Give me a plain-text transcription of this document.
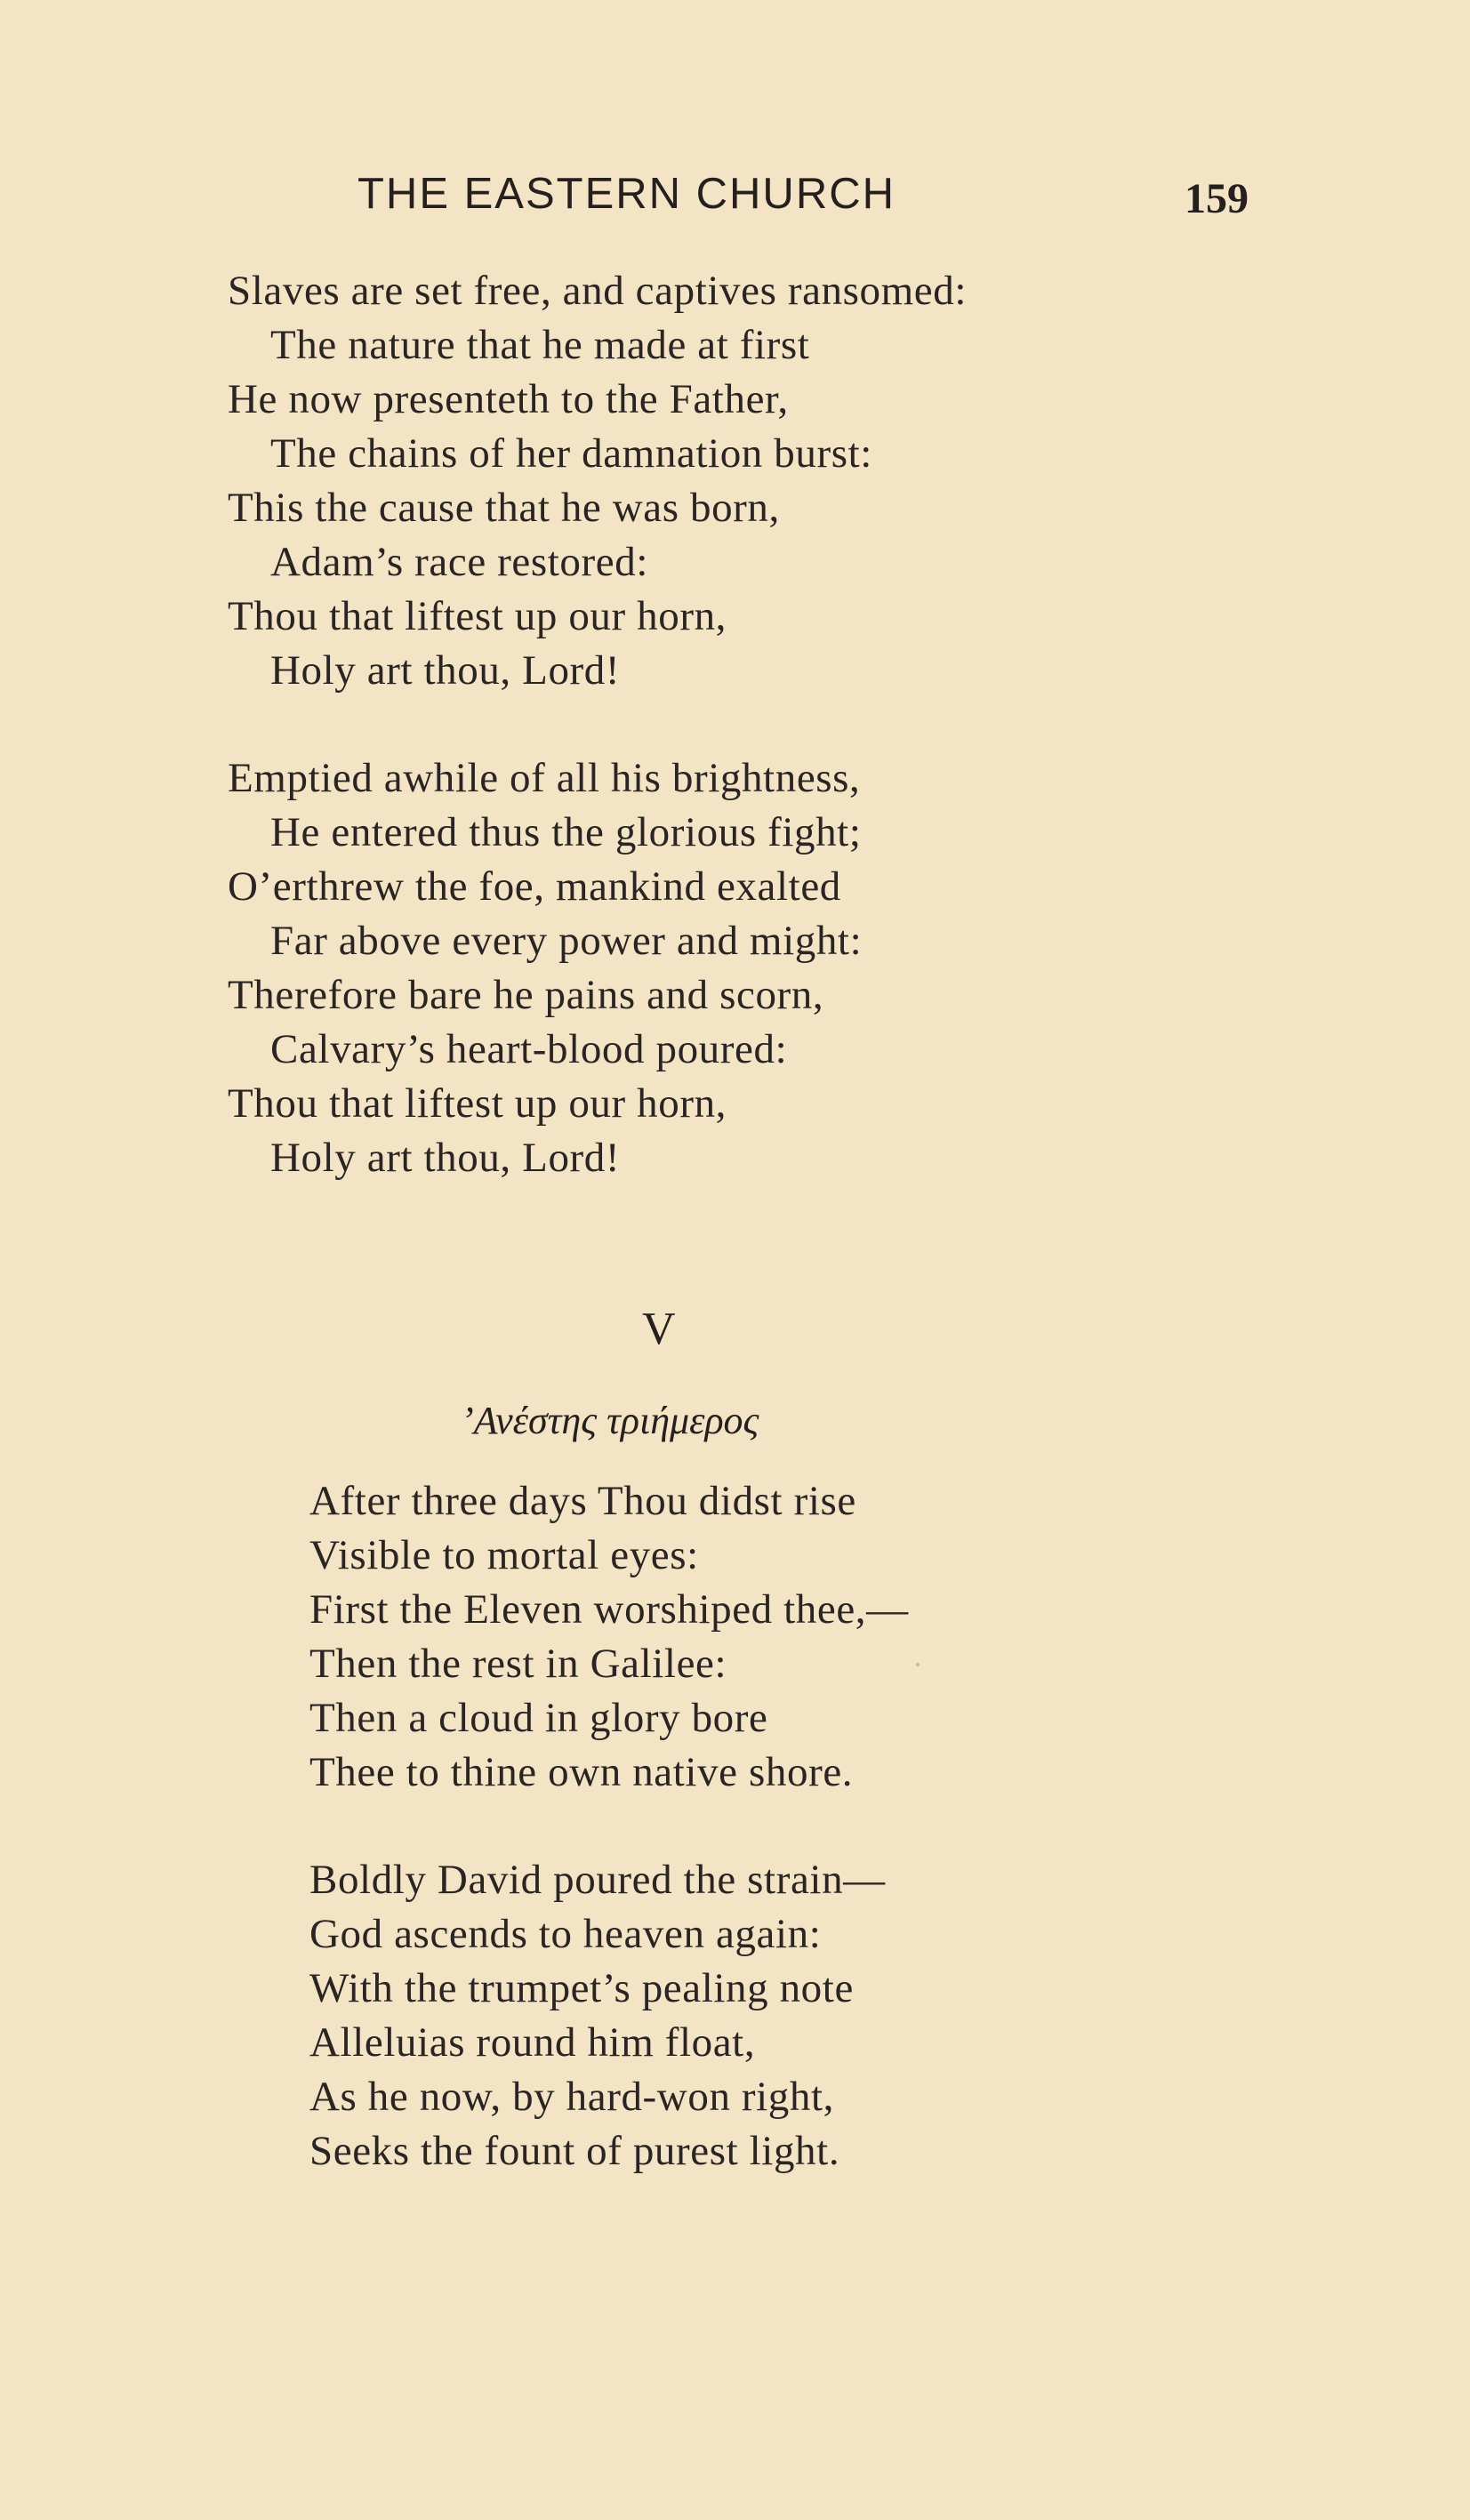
THE EASTERN CHURCH	159
Slaves are set free, and captives ransomed:
The nature that he made at first
He now presenteth to the Father,
The chains of her damnation burst:
This the cause that he was born,
Adam’s race restored:
Thou that liftest up our horn,
Holy art thou, Lord!
Emptied awhile of all his brightness,
He entered thus the glorious fight;
O’erthrew the foe, mankind exalted
Far above every power and might:
Therefore bare he pains and scorn,
Calvary’s heart-blood poured:
Thou that liftest up our horn,
Holy art thou, Lord!
V
’Ανέστης τριήμερος
After three days Thou didst rise
Visible to mortal eyes:
First the Eleven worshiped thee,—
Then the rest in Galilee:
Then a cloud in glory bore
Thee to thine own native shore.
Boldly David poured the strain—
God ascends to heaven again:
With the trumpet’s pealing note
Alleluias round him float,
As he now, by hard-won right,
Seeks the fount of purest light.
